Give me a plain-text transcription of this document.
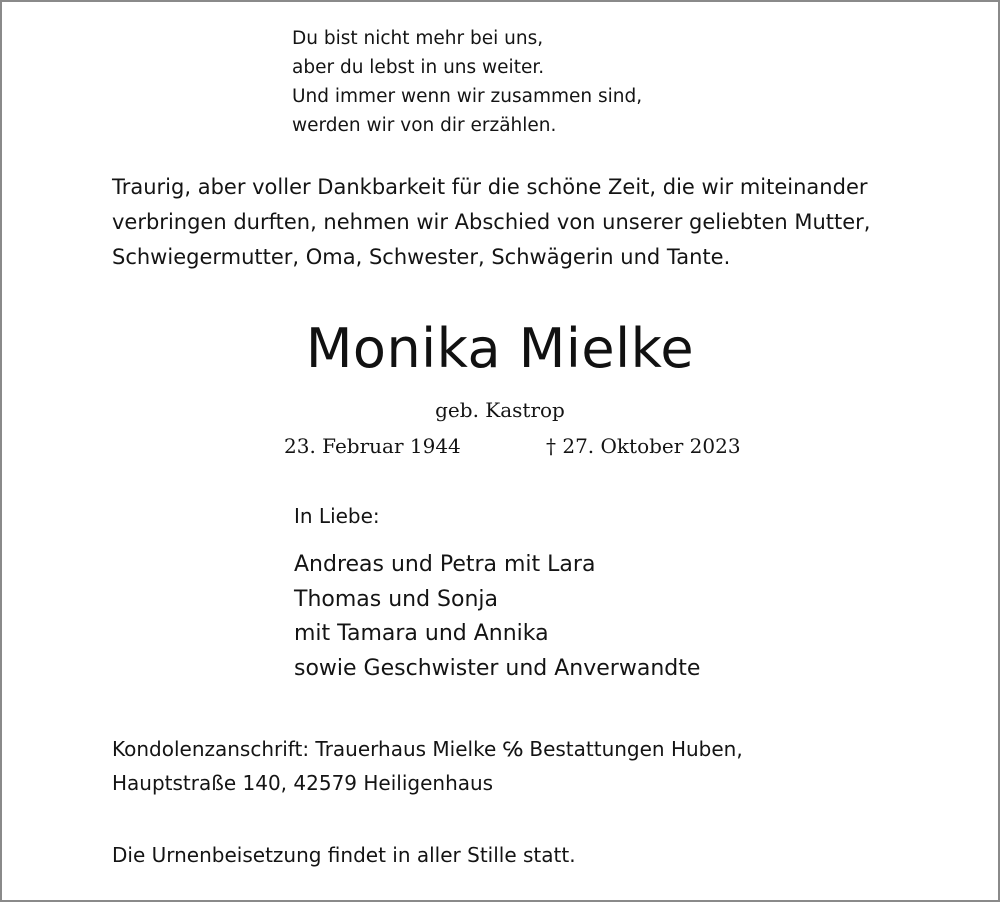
Du bist nicht mehr bei uns,
aber du lebst in uns weiter.
Und immer wenn wir zusammen sind,
werden wir von dir erzählen.
Traurig, aber voller Dankbarkeit für die schöne Zeit, die wir miteinander
verbringen durften, nehmen wir Abschied von unserer geliebten Mutter,
Schwiegermutter, Oma, Schwester, Schwägerin und Tante.
Monika Mielke
geb. Kastrop
23. Februar 1944	† 27. Oktober 2023
In Liebe:
Andreas und Petra mit Lara
Thomas und Sonja
mit Tamara und Annika
sowie Geschwister und Anverwandte
Kondolenzanschrift: Trauerhaus Mielke ℅ Bestattungen Huben,
Hauptstraße 140, 42579 Heiligenhaus
Die Urnenbeisetzung findet in aller Stille statt.
